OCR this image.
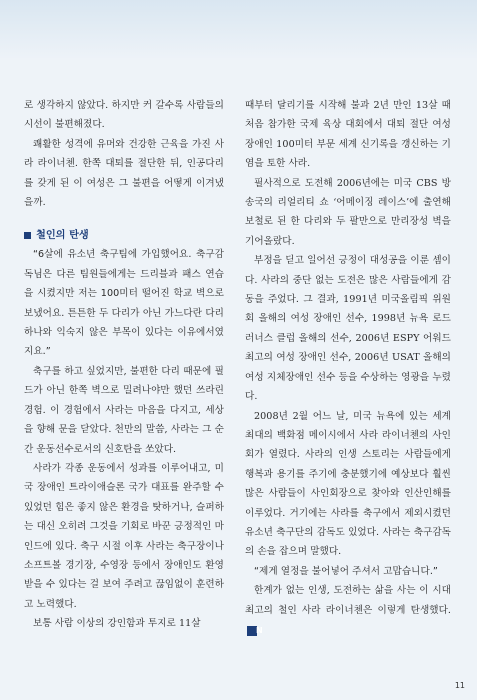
로 생각하지 않았다. 하지만 커 갈수록 사람들의 시선이 불편해졌다.

쾌활한 성격에 유머와 건강한 근육을 가진 사라 라이너첸. 한쪽 대퇴를 절단한 뒤, 인공다리를 갖게 된 이 여성은 그 불편을 어떻게 이겨냈을까.

철인의 탄생

“6살에 유소년 축구팀에 가입했어요. 축구감독님은 다른 팀원들에게는 드리블과 패스 연습을 시켰지만 저는 100미터 떨어진 학교 벽으로 보냈어요. 튼튼한 두 다리가 아닌 가느다란 다리 하나와 익숙지 않은 부목이 있다는 이유에서였지요.”

축구를 하고 싶었지만, 불편한 다리 때문에 필드가 아닌 한쪽 벽으로 밀려나야만 했던 쓰라린 경험. 이 경험에서 사라는 마음을 다지고, 세상을 향해 문을 닫았다. 천만의 말씀, 사라는 그 순간 운동선수로서의 신호탄을 쏘았다.

사라가 각종 운동에서 성과를 이루어내고, 미국 장애인 트라이애슬론 국가 대표를 완주할 수 있었던 힘은 좋지 않은 환경을 탓하거나, 슬퍼하는 대신 오히려 그것을 기회로 바꾼 긍정적인 마인드에 있다. 축구 시절 이후 사라는 축구장이나 소프트볼 경기장, 수영장 등에서 장애인도 환영받을 수 있다는 걸 보여 주려고 끊임없이 훈련하고 노력했다.

보통 사람 이상의 강인함과 투지로 11살

때부터 달리기를 시작해 불과 2년 만인 13살 때 처음 참가한 국제 육상 대회에서 대퇴 절단 여성 장애인 100미터 부문 세계 신기록을 갱신하는 기염을 토한 사라.

필사적으로 도전해 2006년에는 미국 CBS 방송국의 리얼리티 쇼 ‘어메이징 레이스’에 출연해 보철로 된 한 다리와 두 팔만으로 만리장성 벽을 기어올랐다.

부정을 딛고 일어선 긍정이 대성공을 이룬 셈이다. 사라의 중단 없는 도전은 많은 사람들에게 감동을 주었다. 그 결과, 1991년 미국올림픽 위원회 올해의 여성 장애인 선수, 1998년 뉴욕 로드 러너스 클럽 올해의 선수, 2006년 ESPY 어워드 최고의 여성 장애인 선수, 2006년 USAT 올해의 여성 지체장애인 선수 등을 수상하는 영광을 누렸다.

2008년 2월 어느 날, 미국 뉴욕에 있는 세계 최대의 백화점 메이시에서 사라 라이너첸의 사인회가 열렸다. 사라의 인생 스토리는 사람들에게 행복과 용기를 주기에 충분했기에 예상보다 훨씬 많은 사람들이 사인회장으로 찾아와 인산인해를 이루었다. 거기에는 사라를 축구에서 제외시켰던 유소년 축구단의 감독도 있었다. 사라는 축구감독의 손을 잡으며 말했다.

“제게 열정을 불어넣어 주셔서 고맙습니다.”

한계가 없는 인생, 도전하는 삶을 사는 이 시대 최고의 철인 사라 라이너첸은 이렇게 탄생했다.N

11
